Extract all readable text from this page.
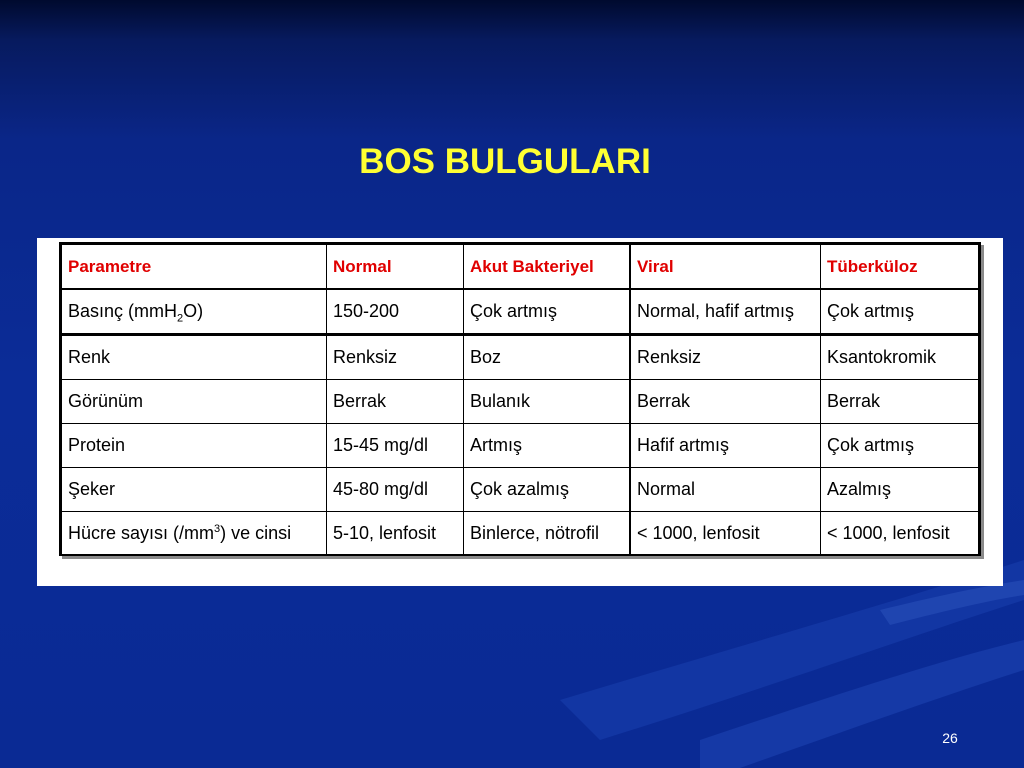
BOS BULGULARI
Parametre	Normal	Akut Bakteriyel	Viral	Tüberküloz
Basınç (mmH$_2$O)	150-200	Çok artmış	Normal, hafif artmış	Çok artmış
Renk	Renksiz	Boz	Renksiz	Ksantokromik
Görünüm	Berrak	Bulanık	Berrak	Berrak
Protein	15-45 mg/dl	Artmış	Hafif artmış	Çok artmış
Şeker	45-80 mg/dl	Çok azalmış	Normal	Azalmış
Hücre sayısı $(/mm^3)$ ve cinsi	5-10, lenfosit	Binlerce, nötrofil	< 1000, lenfosit	< 1000, lenfosit
26
